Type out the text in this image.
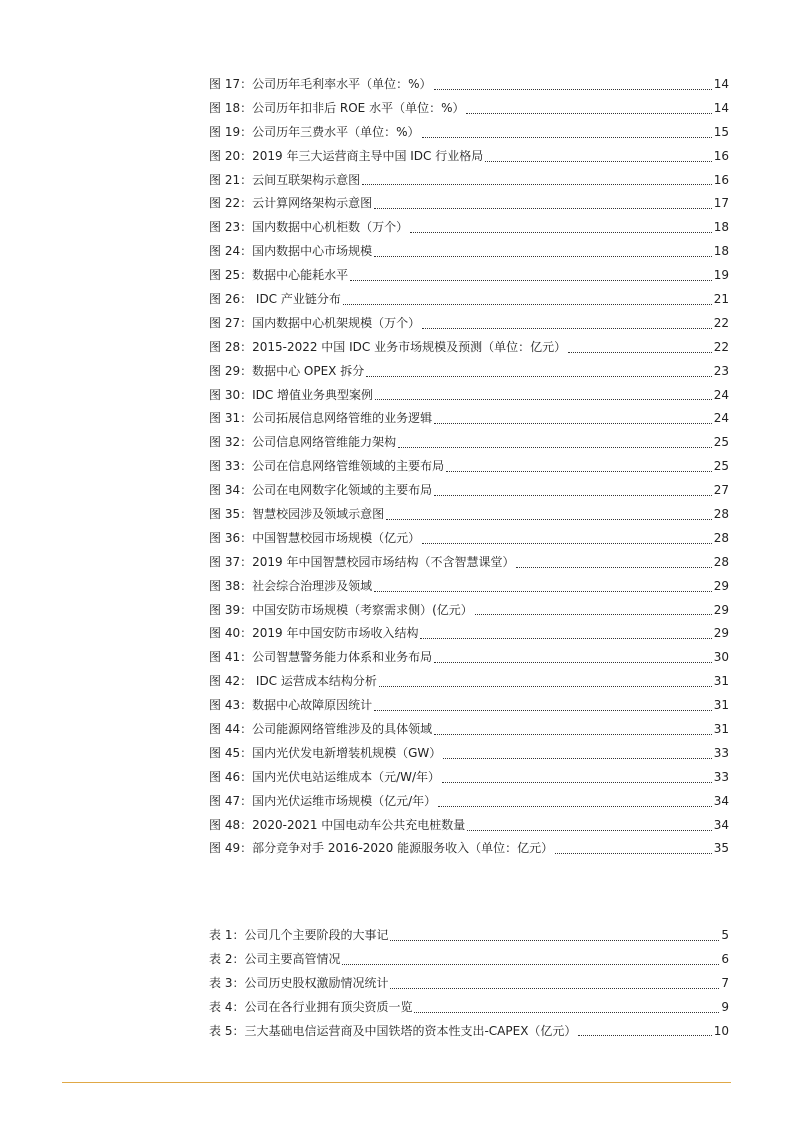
图 17：公司历年毛利率水平（单位：%）	14
图 18：公司历年扣非后 ROE 水平（单位：%）	14
图 19：公司历年三费水平（单位：%）	15
图 20：2019 年三大运营商主导中国 IDC 行业格局	16
图 21：云间互联架构示意图	16
图 22：云计算网络架构示意图	17
图 23：国内数据中心机柜数（万个）	18
图 24：国内数据中心市场规模	18
图 25：数据中心能耗水平	19
图 26： IDC 产业链分布	21
图 27：国内数据中心机架规模（万个）	22
图 28：2015-2022 中国 IDC 业务市场规模及预测（单位：亿元）	22
图 29：数据中心 OPEX 拆分	23
图 30：IDC 增值业务典型案例	24
图 31：公司拓展信息网络管维的业务逻辑	24
图 32：公司信息网络管维能力架构	25
图 33：公司在信息网络管维领域的主要布局	25
图 34：公司在电网数字化领域的主要布局	27
图 35：智慧校园涉及领域示意图	28
图 36：中国智慧校园市场规模（亿元）	28
图 37：2019 年中国智慧校园市场结构（不含智慧课堂）	28
图 38：社会综合治理涉及领域	29
图 39：中国安防市场规模（考察需求侧）(亿元）	29
图 40：2019 年中国安防市场收入结构	29
图 41：公司智慧警务能力体系和业务布局	30
图 42： IDC 运营成本结构分析	31
图 43：数据中心故障原因统计	31
图 44：公司能源网络管维涉及的具体领域	31
图 45：国内光伏发电新增装机规模（GW）	33
图 46：国内光伏电站运维成本（元/W/年）	33
图 47：国内光伏运维市场规模（亿元/年）	34
图 48：2020-2021 中国电动车公共充电桩数量	34
图 49：部分竞争对手 2016-2020 能源服务收入（单位：亿元）	35
表 1：公司几个主要阶段的大事记	5
表 2：公司主要高管情况	6
表 3：公司历史股权激励情况统计	7
表 4：公司在各行业拥有顶尖资质一览	9
表 5：三大基础电信运营商及中国铁塔的资本性支出-CAPEX（亿元）	10
